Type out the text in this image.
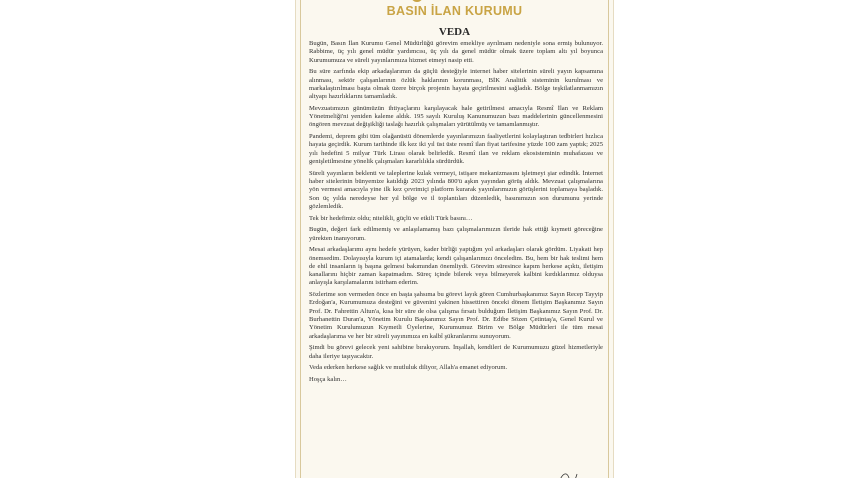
BASIN İLAN KURUMU
VEDA

Bugün, Basın İlan Kurumu Genel Müdürlüğü görevim emekliye ayrılmam nedeniyle sona ermiş bulunuyor. Rabbime, üç yılı genel müdür yardımcısı, üç yılı da genel müdür olmak üzere toplam altı yıl boyunca Kurumumuza ve süreli yayınlarımıza hizmet etmeyi nasip etti.

Bu süre zarfında ekip arkadaşlarımın da güçlü desteğiyle internet haber sitelerinin süreli yayın kapsamına alınması, sektör çalışanlarının özlük haklarının korunması, BİK Analitik sisteminin kurulması ve markalaştırılması başta olmak üzere birçok projenin hayata geçirilmesini sağladık. Bölge teşkilatlanmamızın altyapı hazırlıklarını tamamladık.

Mevzuatımızın günümüzün ihtiyaçlarını karşılayacak hale getirilmesi amacıyla Resmî İlan ve Reklam Yönetmeliği'ni yeniden kaleme aldık. 195 sayılı Kuruluş Kanunumuzun bazı maddelerinin güncellenmesini öngören mevzuat değişikliği taslağı hazırlık çalışmaları yürütülmüş ve tamamlanmıştır.

Pandemi, deprem gibi tüm olağanüstü dönemlerde yayınlarımızın faaliyetlerini kolaylaştıran tedbirleri hızlıca hayata geçirdik. Kurum tarihinde ilk kez iki yıl üst üste resmî ilan fiyat tarifesine yüzde 100 zam yaptık; 2025 yılı hedefini 5 milyar Türk Lirası olarak belirledik. Resmî ilan ve reklam ekosisteminin muhafazası ve genişletilmesine yönelik çalışmaları kararlılıkla sürdürdük.

Süreli yayınların beklenti ve taleplerine kulak vermeyi, istişare mekanizmasını işletmeyi şiar edindik. İnternet haber sitelerinin bünyemize katıldığı 2023 yılında 800'ü aşkın yayından görüş aldık. Mevzuat çalışmalarına yön vermesi amacıyla yine ilk kez çevrimiçi platform kurarak yayınlarımızın görüşlerini toplamaya başladık. Son üç yılda neredeyse her yıl bölge ve il toplantıları düzenledik, basınımızın son durumunu yerinde gözlemledik.

Tek bir hedefimiz oldu; nitelikli, güçlü ve etkili Türk basını…

Bugün, değeri fark edilmemiş ve anlaşılamamış bazı çalışmalarımızın ileride hak ettiği kıymeti göreceğine yürekten inanıyorum.

Mesai arkadaşlarımı aynı hedefe yürüyen, kader birliği yaptığım yol arkadaşları olarak gördüm. Liyakati hep önemsedim. Dolayısıyla kurum içi atamalarda; kendi çalışanlarımızı önceledim. Bu, hem bir hak teslimi hem de ehil insanların iş başına gelmesi bakımından önemliydi. Görevim süresince kapım herkese açıktı, iletişim kanallarını hiçbir zaman kapatmadım. Süreç içinde bilerek veya bilmeyerek kalbini kırdıklarımız olduysa anlayışla karşılamalarını istirham ederim.

Sözlerime son vermeden önce en başta şahsıma bu görevi layık gören Cumhurbaşkanımız Sayın Recep Tayyip Erdoğan'a, Kurumumuza desteğini ve güvenini yakinen hissettiren önceki dönem İletişim Başkanımız Sayın Prof. Dr. Fahrettin Altun'a, kısa bir süre de olsa çalışma fırsatı bulduğum İletişim Başkanımız Sayın Prof. Dr. Burhanettin Duran'a, Yönetim Kurulu Başkanımız Sayın Prof. Dr. Edibe Sözen Çetintaş'a, Genel Kurul ve Yönetim Kurulumuzun Kıymetli Üyelerine, Kurumumuz Birim ve Bölge Müdürleri ile tüm mesai arkadaşlarıma ve her bir süreli yayınımıza en kalbî şükranlarımı sunuyorum.

Şimdi bu görevi gelecek yeni sahibine bırakıyorum. İnşallah, kendileri de Kurumumuzu güzel hizmetleriyle daha ileriye taşıyacaktır.

Veda ederken herkese sağlık ve mutluluk diliyor, Allah'a emanet ediyorum.

Hoşça kalın…
